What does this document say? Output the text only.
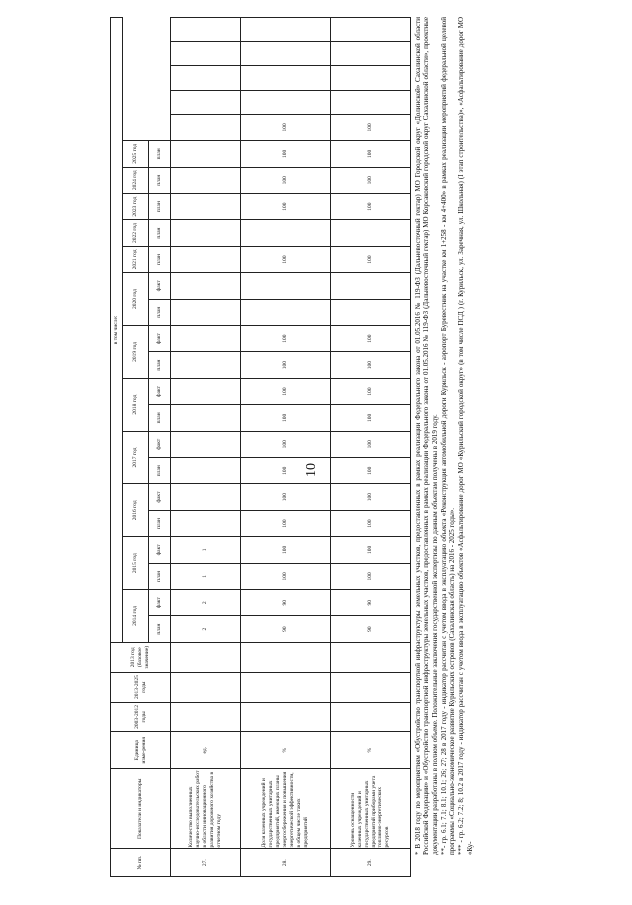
10
№ пп.	Показатели и индикаторы	Единица изме-рения	2003-2012 годы	2013-2025 годы	2013 год (базовое значение)	в том числе:																							
						2014 год		2015 год		2016 год		2017 год		2018 год		2019 год		2020 год		2021 год	2022 год	2023 год	2024 год	2025 год					
						план	факт	план	факт	план	факт	план	факт	план	факт	план	факт	план	факт	план	план	план	план	план					
27.	Количество выполненных научно-исследовательских работ в области инновационного развития дорожного хозяйства в отчетном году	ед.				2	2	1	1																				
28.	Доля казенных учреждений и государственных унитарных предприятий, имеющих планы энергосбережения и повышения энергетической эффективности, в общем числе таких предприятий	%				90	90	100	100	100	100	100	100	100	100	100	100			100		100	100	100	100				
29.	Уровень оснащенности казенных учреждений и государственных унитарных предприятий приборами учета топливно-энергетических ресурсов	%				90	90	100	100	100	100	100	100	100	100	100	100			100		100	100	100	100					* В 2018 году по мероприятиям «Обустройство транспортной инфраструктуры земельных участков, предоставленных в рамках реализации Федерального закона от 01.05.2016 № 119-ФЗ (Дальневосточный гектар) МО Городской округ «Долинской» Сахалинской области Российской Федерации» и «Обустройство транспортной инфраструктуры земельных участков, предоставленных в рамках реализации Федерального закона от 01.05.2016 № 119-ФЗ (Дальневосточный гектар) МО Корсаковский городской округ Сахалинской области», проектные документации разработаны в полном объеме. Положительные заключения государственной экспертизы по данным объектам получены в 2019 году. **- гр. 6.1; 7.1; 8.1; 10.1; 26; 27; 28 в 2017 году - индикатор рассчитан с учетом ввода в эксплуатацию объекта «Реконструкция автомобильной дороги Курильск - аэропорт Буревестник на участке км 1+258 - км 4+400» в рамках реализации мероприятий федеральной целевой программы «Социально-экономическое развитие Курильских островов (Сахалинская область) на 2016 - 2025 годы». *** - гр. 6.2; 7.2; 8; 10.2 в 2017 году - индикатор рассчитан с учетом ввода в эксплуатацию объектов «Асфальтирование дорог МО «Курильский городской округ» (в том числе ПСД ) (г. Курильск, ул. Заречная, ул. Школьная) (I этап строительства)», «Асфальтирование дорог МО «Ку-
